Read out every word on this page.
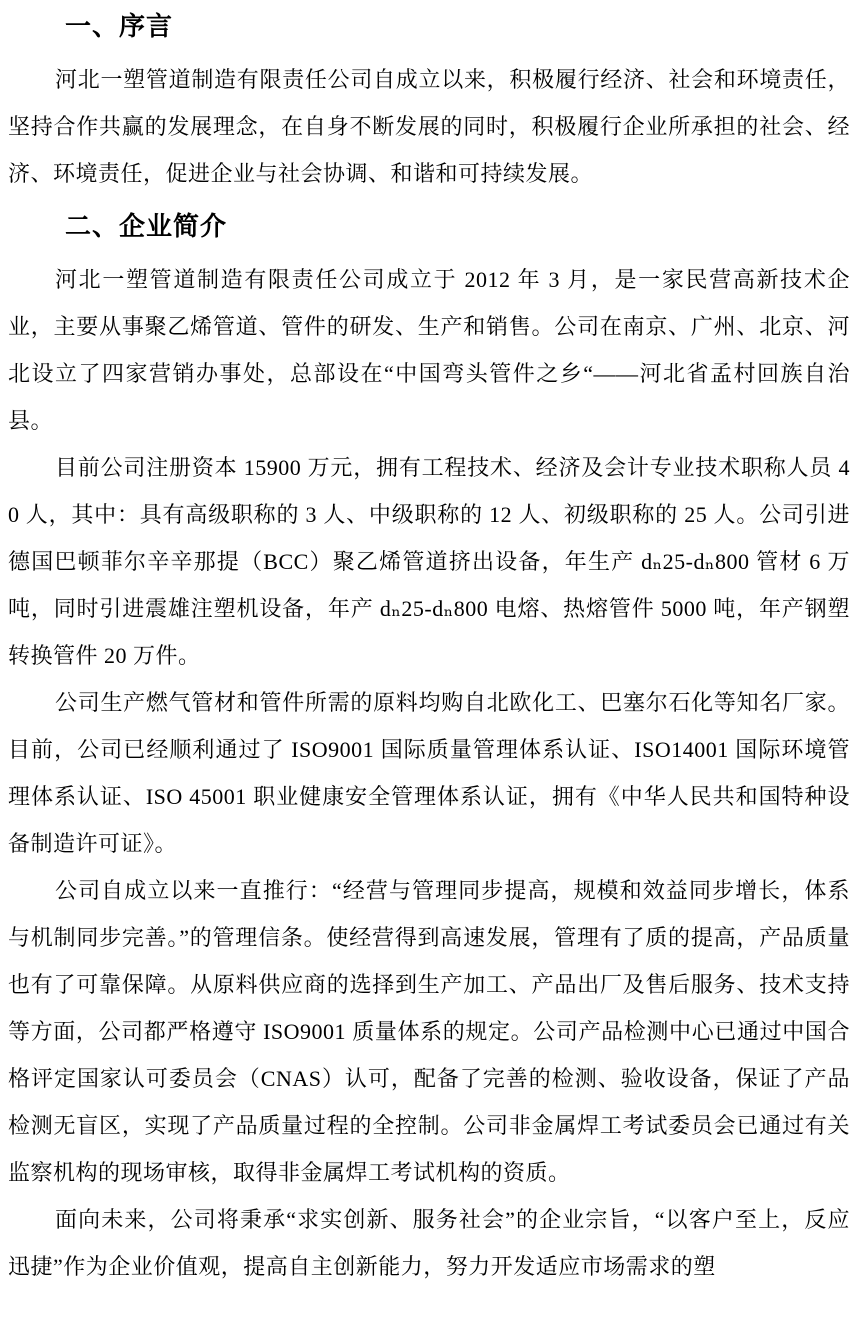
一、序言

河北一塑管道制造有限责任公司自成立以来，积极履行经济、社会和环境责任，坚持合作共赢的发展理念，在自身不断发展的同时，积极履行企业所承担的社会、经济、环境责任，促进企业与社会协调、和谐和可持续发展。

二、企业简介

河北一塑管道制造有限责任公司成立于 2012 年 3 月，是一家民营高新技术企业，主要从事聚乙烯管道、管件的研发、生产和销售。公司在南京、广州、北京、河北设立了四家营销办事处，总部设在“中国弯头管件之乡“——河北省孟村回族自治县。

目前公司注册资本 15900 万元，拥有工程技术、经济及会计专业技术职称人员 40 人，其中：具有高级职称的 3 人、中级职称的 12 人、初级职称的 25 人。公司引进德国巴顿菲尔辛辛那提（BCC）聚乙烯管道挤出设备，年生产 dₙ25-dₙ800 管材 6 万吨，同时引进震雄注塑机设备，年产 dₙ25-dₙ800 电熔、热熔管件 5000 吨，年产钢塑转换管件 20 万件。

公司生产燃气管材和管件所需的原料均购自北欧化工、巴塞尔石化等知名厂家。目前，公司已经顺利通过了 ISO9001 国际质量管理体系认证、ISO14001 国际环境管理体系认证、ISO 45001 职业健康安全管理体系认证，拥有《中华人民共和国特种设备制造许可证》。

公司自成立以来一直推行：“经营与管理同步提高，规模和效益同步增长，体系与机制同步完善。”的管理信条。使经营得到高速发展，管理有了质的提高，产品质量也有了可靠保障。从原料供应商的选择到生产加工、产品出厂及售后服务、技术支持等方面，公司都严格遵守 ISO9001 质量体系的规定。公司产品检测中心已通过中国合格评定国家认可委员会（CNAS）认可，配备了完善的检测、验收设备，保证了产品检测无盲区，实现了产品质量过程的全控制。公司非金属焊工考试委员会已通过有关监察机构的现场审核，取得非金属焊工考试机构的资质。

面向未来，公司将秉承“求实创新、服务社会”的企业宗旨，“以客户至上，反应迅捷”作为企业价值观，提高自主创新能力，努力开发适应市场需求的塑
